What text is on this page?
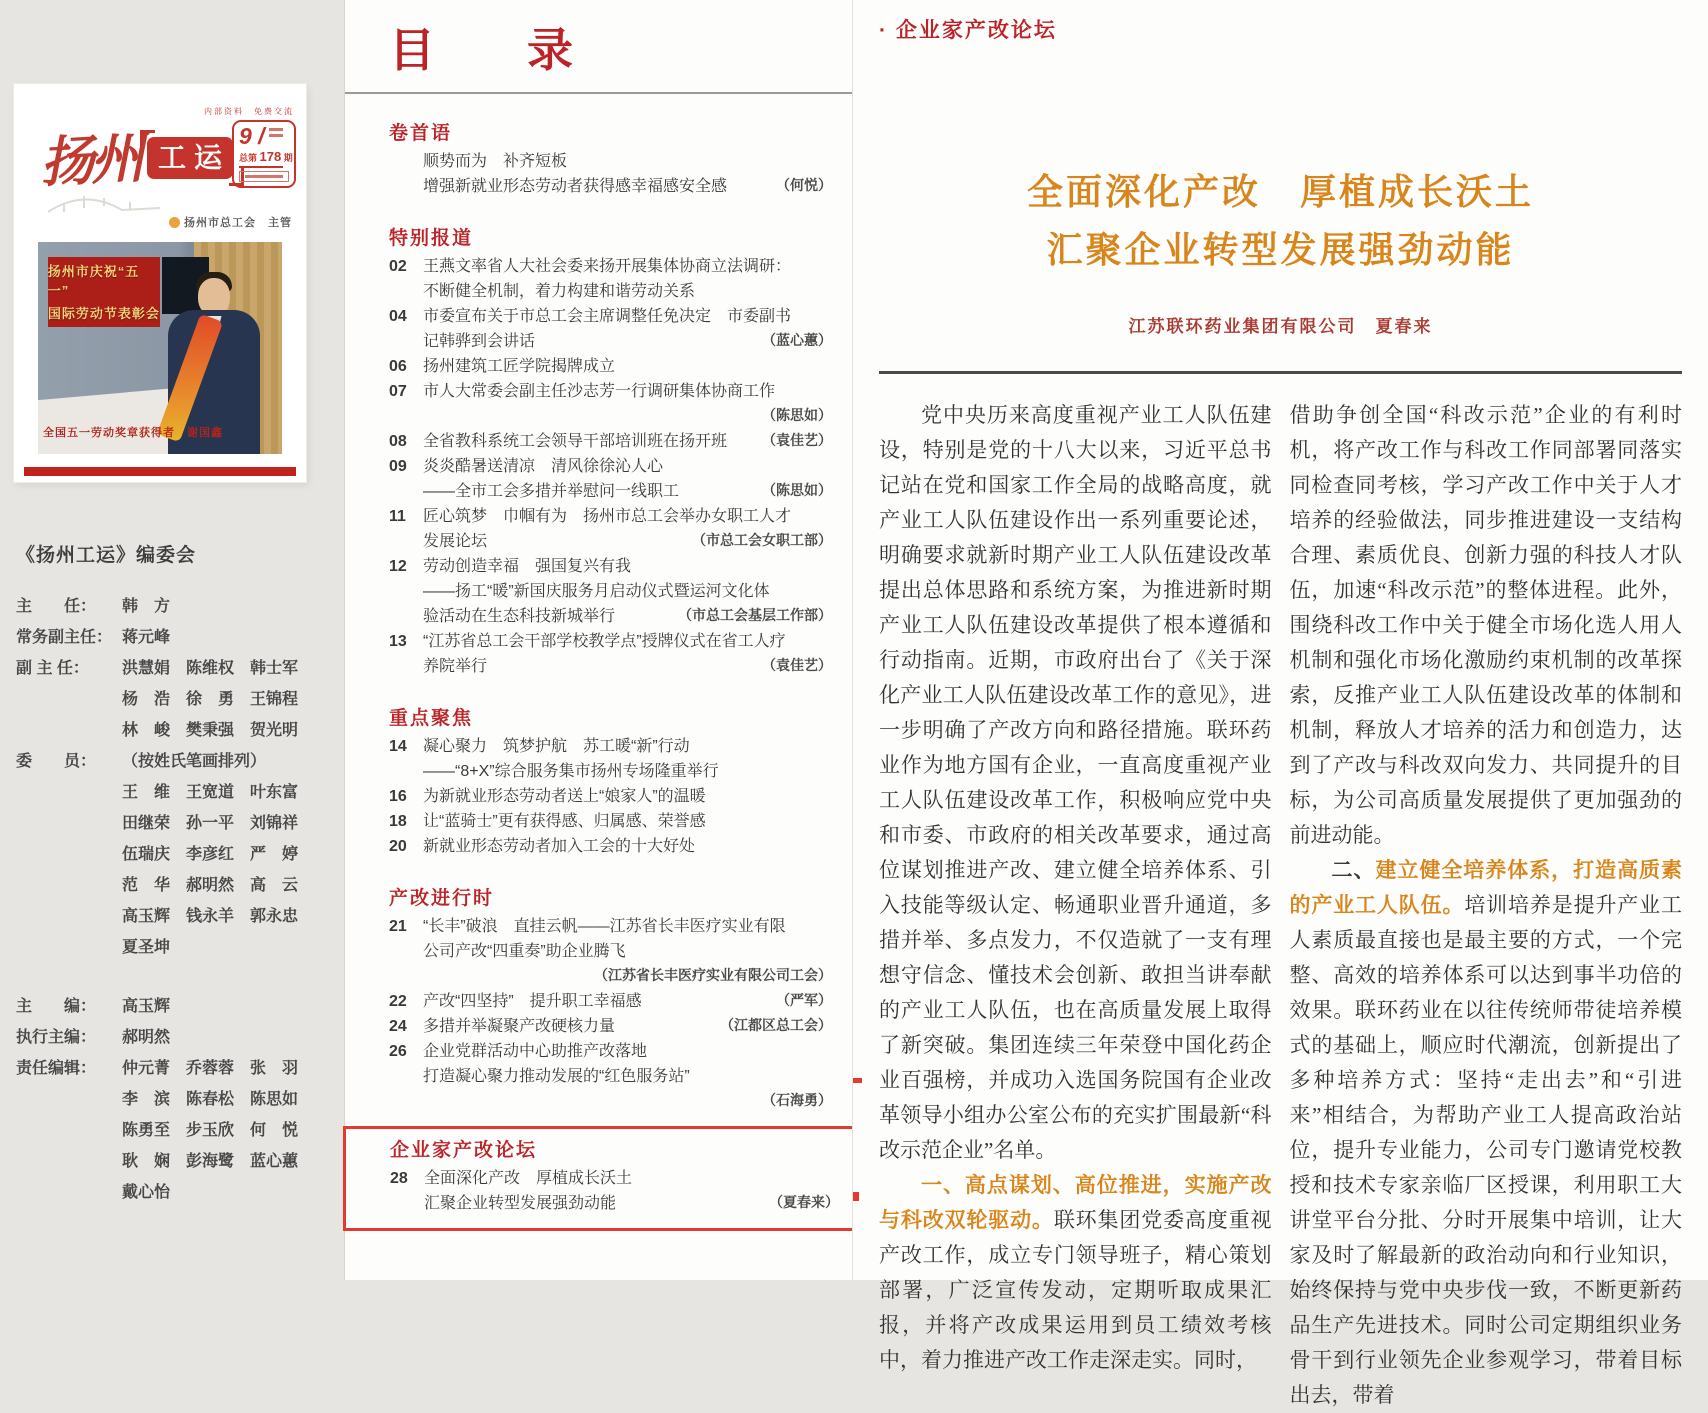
扬州 工运
内部资料　免费交流
9 /
总第 178 期
扬州市总工会　主管
扬州市庆祝“五一”
国际劳动节表彰会
全国五一劳动奖章获得者　谢国鑫
《扬州工运》编委会
主　　任：	韩　方
常务副主任： 蒋元峰
副 主 任：	洪慧娟　陈维权　韩士军
杨　浩　徐　勇　王锦程
林　峻　樊秉强　贺光明
委　　员：	（按姓氏笔画排列）
王　维　王宽道　叶东富
田继荣　孙一平　刘锦祥
伍瑞庆　李彦红　严　婷
范　华　郝明然　高　云
高玉辉　钱永羊　郭永忠
夏圣坤
主　　编：	高玉辉
执行主编：	郝明然
责任编辑：	仲元菁　乔蓉蓉　张　羽
李　滨　陈春松　陈思如
陈勇至　步玉欣　何　悦
耿　娴　彭海鹭　蓝心蕙
戴心怡
目　　录
卷首语
顺势而为　补齐短板
增强新就业形态劳动者获得感幸福感安全感	（何悦）
特别报道
02	王燕文率省人大社会委来扬开展集体协商立法调研：
不断健全机制，着力构建和谐劳动关系
04	市委宣布关于市总工会主席调整任免决定　市委副书
记韩骅到会讲话	（蓝心蕙）
06	扬州建筑工匠学院揭牌成立
07	市人大常委会副主任沙志芳一行调研集体协商工作
（陈思如）
08	全省教科系统工会领导干部培训班在扬开班 （袁佳艺）
09	炎炎酷暑送清凉　清风徐徐沁人心
——全市工会多措并举慰问一线职工	（陈思如）
11	匠心筑梦　巾帼有为　扬州市总工会举办女职工人才
发展论坛	（市总工会女职工部）
12	劳动创造幸福　强国复兴有我
——扬工“暖”新国庆服务月启动仪式暨运河文化体
验活动在生态科技新城举行	（市总工会基层工作部）
13	“江苏省总工会干部学校教学点”授牌仪式在省工人疗
养院举行	（袁佳艺）
重点聚焦
14	凝心聚力　筑梦护航　苏工暖“新”行动
——“8+X”综合服务集市扬州专场隆重举行
16	为新就业形态劳动者送上“娘家人”的温暖
18	让“蓝骑士”更有获得感、归属感、荣誉感
20	新就业形态劳动者加入工会的十大好处
产改进行时
21	“长丰”破浪　直挂云帆——江苏省长丰医疗实业有限
公司产改“四重奏”助企业腾飞
（江苏省长丰医疗实业有限公司工会）
22	产改“四坚持”　提升职工幸福感	（严军）
24	多措并举凝聚产改硬核力量	（江都区总工会）
26	企业党群活动中心助推产改落地
打造凝心聚力推动发展的“红色服务站”
（石海勇）
企业家产改论坛
28	全面深化产改　厚植成长沃土
汇聚企业转型发展强劲动能	（夏春来）
· 企业家产改论坛
全面深化产改　厚植成长沃土
汇聚企业转型发展强劲动能
江苏联环药业集团有限公司　夏春来

党中央历来高度重视产业工人队伍建设，特别是党的十八大以来，习近平总书记站在党和国家工作全局的战略高度，就产业工人队伍建设作出一系列重要论述，明确要求就新时期产业工人队伍建设改革提出总体思路和系统方案，为推进新时期产业工人队伍建设改革提供了根本遵循和行动指南。近期，市政府出台了《关于深化产业工人队伍建设改革工作的意见》，进一步明确了产改方向和路径措施。联环药业作为地方国有企业，一直高度重视产业工人队伍建设改革工作，积极响应党中央和市委、市政府的相关改革要求，通过高位谋划推进产改、建立健全培养体系、引入技能等级认定、畅通职业晋升通道，多措并举、多点发力，不仅造就了一支有理想守信念、懂技术会创新、敢担当讲奉献的产业工人队伍，也在高质量发展上取得了新突破。集团连续三年荣登中国化药企业百强榜，并成功入选国务院国有企业改革领导小组办公室公布的充实扩围最新“科改示范企业”名单。

一、高点谋划、高位推进，实施产改与科改双轮驱动。联环集团党委高度重视产改工作，成立专门领导班子，精心策划部署，广泛宣传发动，定期听取成果汇报，并将产改成果运用到员工绩效考核中，着力推进产改工作走深走实。同时，

借助争创全国“科改示范”企业的有利时机，将产改工作与科改工作同部署同落实同检查同考核，学习产改工作中关于人才培养的经验做法，同步推进建设一支结构合理、素质优良、创新力强的科技人才队伍，加速“科改示范”的整体进程。此外，围绕科改工作中关于健全市场化选人用人机制和强化市场化激励约束机制的改革探索，反推产业工人队伍建设改革的体制和机制，释放人才培养的活力和创造力，达到了产改与科改双向发力、共同提升的目标，为公司高质量发展提供了更加强劲的前进动能。

二、建立健全培养体系，打造高质素的产业工人队伍。培训培养是提升产业工人素质最直接也是最主要的方式，一个完整、高效的培养体系可以达到事半功倍的效果。联环药业在以往传统师带徒培养模式的基础上，顺应时代潮流，创新提出了多种培养方式：坚持“走出去”和“引进来”相结合，为帮助产业工人提高政治站位，提升专业能力，公司专门邀请党校教授和技术专家亲临厂区授课，利用职工大讲堂平台分批、分时开展集中培训，让大家及时了解最新的政治动向和行业知识，始终保持与党中央步伐一致，不断更新药品生产先进技术。同时公司定期组织业务骨干到行业领先企业参观学习，带着目标出去，带着
